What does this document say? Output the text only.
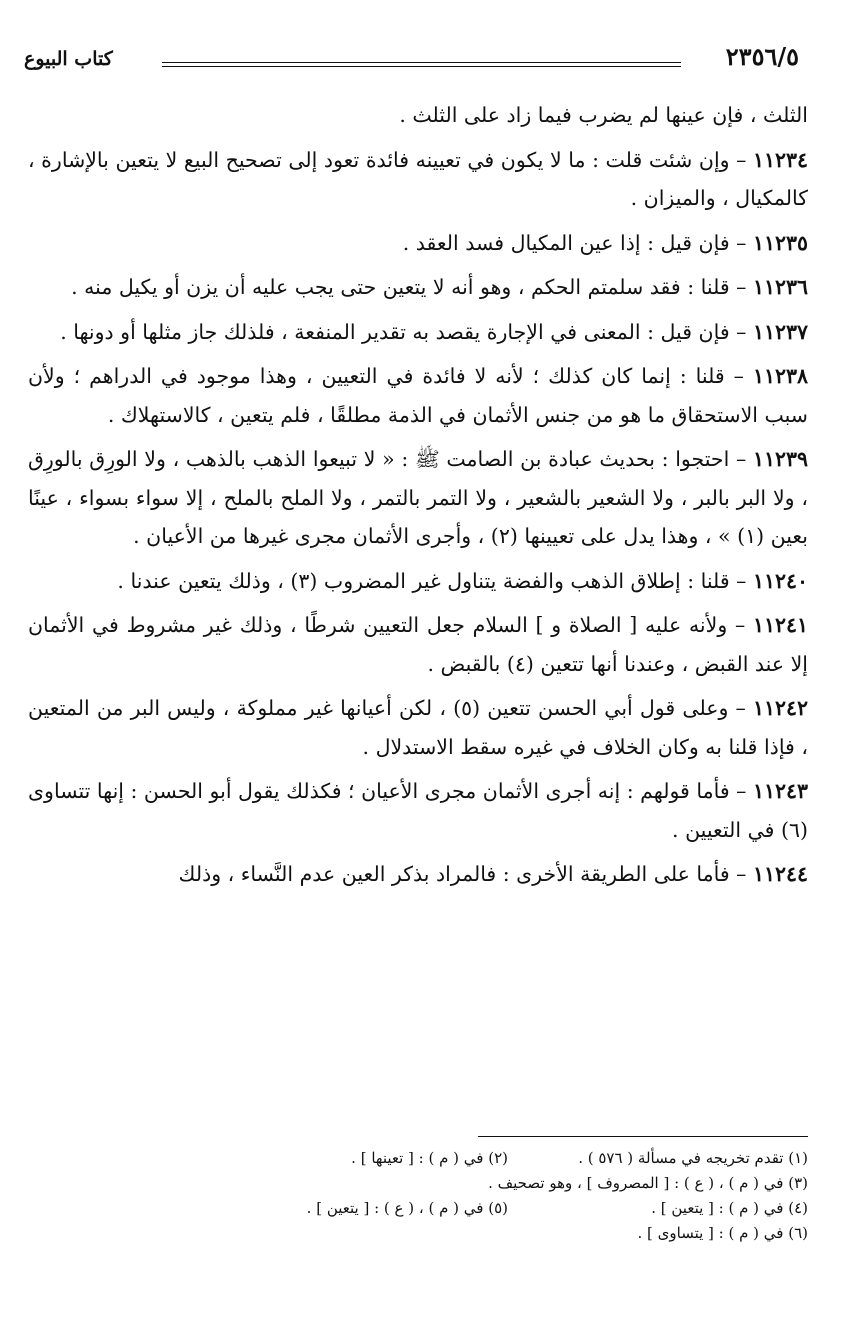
كتاب البيوع	٢٣٥٦/٥

الثلث ، فإن عينها لم يضرب فيما زاد على الثلث .

١١٢٣٤ – وإن شئت قلت : ما لا يكون في تعيينه فائدة تعود إلى تصحيح البيع لا يتعين بالإشارة ، كالمكيال ، والميزان .

١١٢٣٥ – فإن قيل : إذا عين المكيال فسد العقد .

١١٢٣٦ – قلنا : فقد سلمتم الحكم ، وهو أنه لا يتعين حتى يجب عليه أن يزن أو يكيل منه .

١١٢٣٧ – فإن قيل : المعنى في الإجارة يقصد به تقدير المنفعة ، فلذلك جاز مثلها أو دونها .

١١٢٣٨ – قلنا : إنما كان كذلك ؛ لأنه لا فائدة في التعيين ، وهذا موجود في الدراهم ؛ ولأن سبب الاستحقاق ما هو من جنس الأثمان في الذمة مطلقًا ، فلم يتعين ، كالاستهلاك .

١١٢٣٩ – احتجوا : بحديث عبادة بن الصامت ﷺ : « لا تبيعوا الذهب بالذهب ، ولا الورِق بالورِق ، ولا البر بالبر ، ولا الشعير بالشعير ، ولا التمر بالتمر ، ولا الملح بالملح ، إلا سواء بسواء ، عينًا بعين (١) » ، وهذا يدل على تعيينها (٢) ، وأجرى الأثمان مجرى غيرها من الأعيان .

١١٢٤٠ – قلنا : إطلاق الذهب والفضة يتناول غير المضروب (٣) ، وذلك يتعين عندنا .

١١٢٤١ – ولأنه عليه [ الصلاة و ] السلام جعل التعيين شرطًا ، وذلك غير مشروط في الأثمان إلا عند القبض ، وعندنا أنها تتعين (٤) بالقبض .

١١٢٤٢ – وعلى قول أبي الحسن تتعين (٥) ، لكن أعيانها غير مملوكة ، وليس البر من المتعين ، فإذا قلنا به وكان الخلاف في غيره سقط الاستدلال .

١١٢٤٣ – فأما قولهم : إنه أجرى الأثمان مجرى الأعيان ؛ فكذلك يقول أبو الحسن : إنها تتساوى (٦) في التعيين .

١١٢٤٤ – فأما على الطريقة الأخرى : فالمراد بذكر العين عدم النَّساء ، وذلك

(١) تقدم تخريجه في مسألة ( ٥٧٦ ) .
(٢) في ( م ) : [ تعينها ] .
(٣) في ( م ) ، ( ع ) : [ المصروف ] ، وهو تصحيف .
(٤) في ( م ) : [ يتعين ] .
(٥) في ( م ) ، ( ع ) : [ يتعين ] .
(٦) في ( م ) : [ يتساوى ] .
